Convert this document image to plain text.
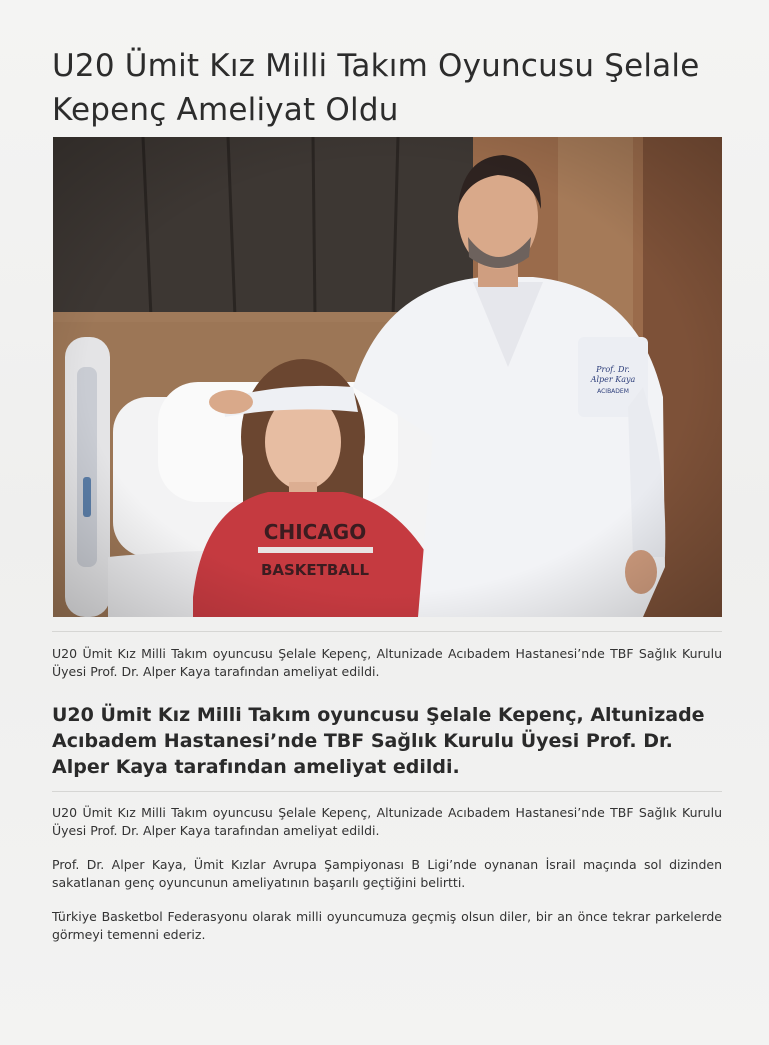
U20 Ümit Kız Milli Takım Oyuncusu Şelale Kepenç Ameliyat Oldu

U20 Ümit Kız Milli Takım oyuncusu Şelale Kepenç, Altunizade Acıbadem Hastanesi’nde TBF Sağlık Kurulu Üyesi Prof. Dr. Alper Kaya tarafından ameliyat edildi.

U20 Ümit Kız Milli Takım oyuncusu Şelale Kepenç, Altunizade Acıbadem Hastanesi’nde TBF Sağlık Kurulu Üyesi Prof. Dr. Alper Kaya tarafından ameliyat edildi.

U20 Ümit Kız Milli Takım oyuncusu Şelale Kepenç, Altunizade Acıbadem Hastanesi’nde TBF Sağlık Kurulu Üyesi Prof. Dr. Alper Kaya tarafından ameliyat edildi.

Prof. Dr. Alper Kaya, Ümit Kızlar Avrupa Şampiyonası B Ligi’nde oynanan İsrail maçında sol dizinden sakatlanan genç oyuncunun ameliyatının başarılı geçtiğini belirtti.

Türkiye Basketbol Federasyonu olarak milli oyuncumuza geçmiş olsun diler, bir an önce tekrar parkelerde görmeyi temenni ederiz.
